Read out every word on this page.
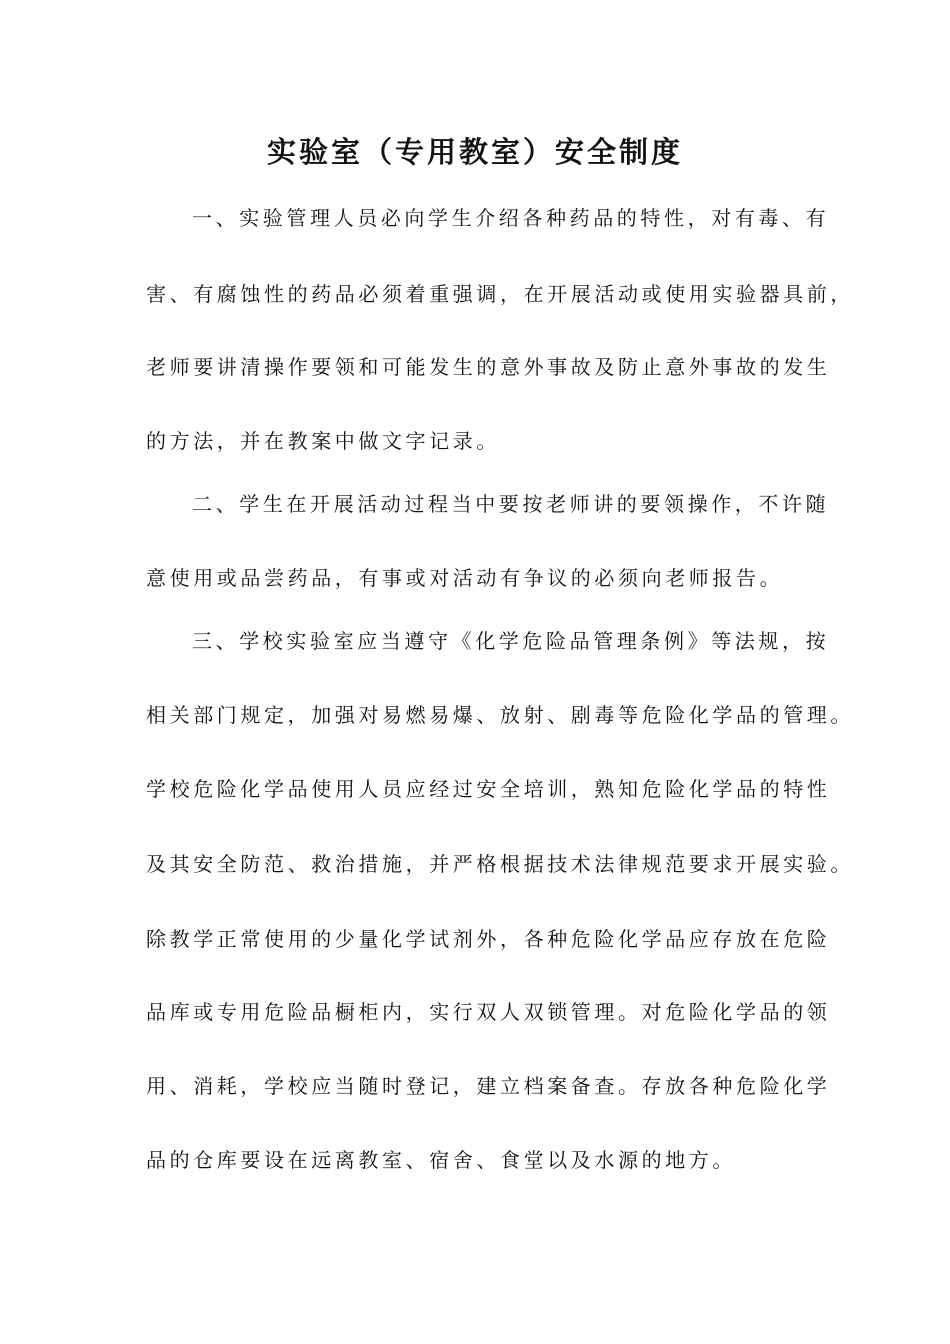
实验室（专用教室）安全制度

一、实验管理人员必向学生介绍各种药品的特性，对有毒、有

害、有腐蚀性的药品必须着重强调，在开展活动或使用实验器具前，

老师要讲清操作要领和可能发生的意外事故及防止意外事故的发生

的方法，并在教案中做文字记录。

二、学生在开展活动过程当中要按老师讲的要领操作，不许随

意使用或品尝药品，有事或对活动有争议的必须向老师报告。

三、学校实验室应当遵守《化学危险品管理条例》等法规，按

相关部门规定，加强对易燃易爆、放射、剧毒等危险化学品的管理。

学校危险化学品使用人员应经过安全培训，熟知危险化学品的特性

及其安全防范、救治措施，并严格根据技术法律规范要求开展实验。

除教学正常使用的少量化学试剂外，各种危险化学品应存放在危险

品库或专用危险品橱柜内，实行双人双锁管理。对危险化学品的领

用、消耗，学校应当随时登记，建立档案备查。存放各种危险化学

品的仓库要设在远离教室、宿舍、食堂以及水源的地方。
